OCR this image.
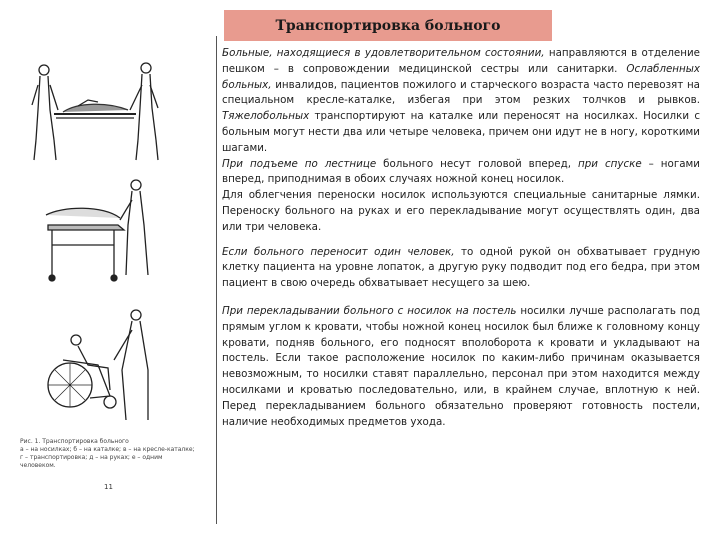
Транспортировка больного

Больные, находящиеся в удовлетворительном состоянии, направляются в отделение пешком – в сопровождении медицинской сестры или санитарки. Ослабленных больных, инвалидов, пациентов пожилого и старческого возраста часто перевозят на специальном кресле-каталке, избегая при этом резких толчков и рывков. Тяжелобольных транспортируют на каталке или переносят на носилках. Носилки с больным могут нести два или четыре человека, причем они идут не в ногу, короткими шагами.

При подъеме по лестнице больного несут головой вперед, при спуске – ногами вперед, приподнимая в обоих случаях ножной конец носилок.

Для облегчения переноски носилок используются специальные санитарные лямки. Переноску больного на руках и его перекладывание могут осуществлять один, два или три человека.

Если больного переносит один человек, то одной рукой он обхватывает грудную клетку пациента на уровне лопаток, а другую руку подводит под его бедра, при этом пациент в свою очередь обхватывает несущего за шею.

При перекладывании больного с носилок на постель носилки лучше располагать под прямым углом к кровати, чтобы ножной конец носилок был ближе к головному концу кровати, подняв больного, его подносят вполоборота к кровати и укладывают на постель. Если такое расположение носилок по каким-либо причинам оказывается невозможным, то носилки ставят параллельно, персонал при этом находится между носилками и кроватью последовательно, или, в крайнем случае, вплотную к ней. Перед перекладыванием больного обязательно проверяют готовность постели, наличие необходимых предметов ухода.

Рис. 1. Транспортировка больного
а – на носилках; б – на каталке; в – на кресле-каталке; г – транспортировка; д – на руках; е – одним человеком.
11
